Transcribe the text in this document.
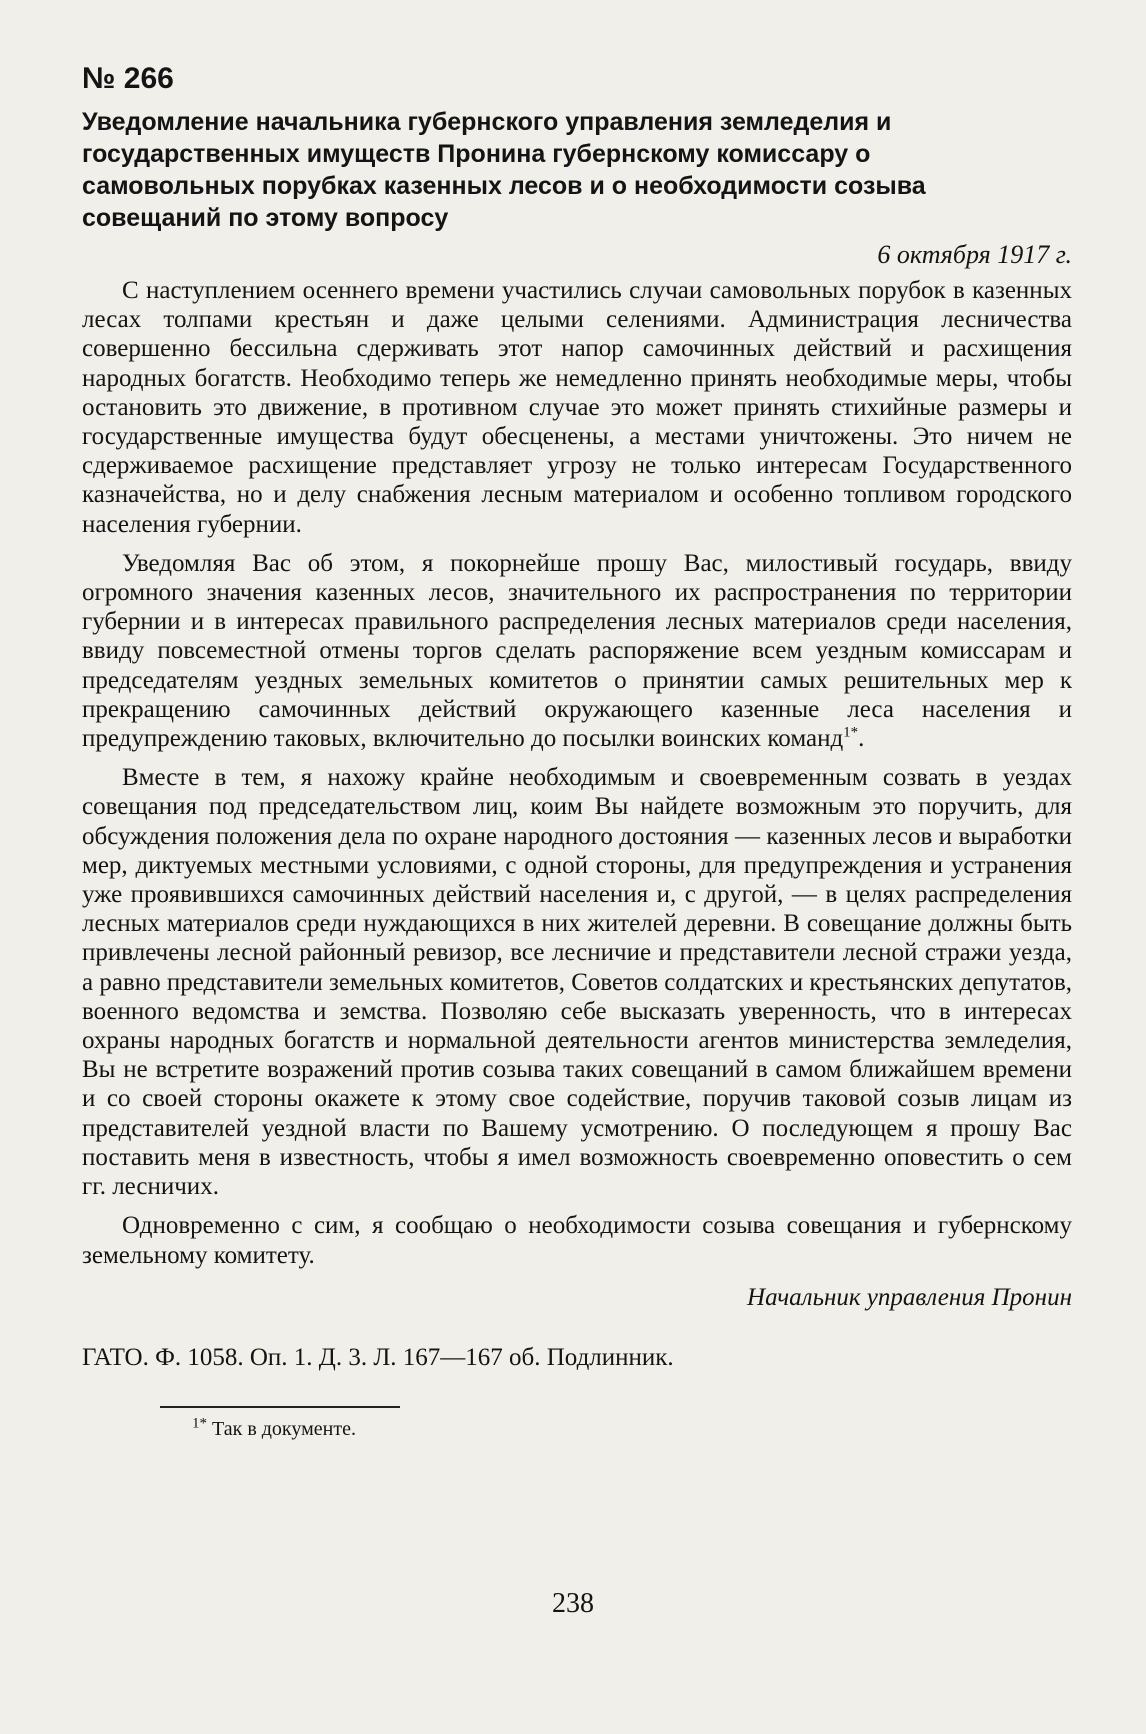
№ 266
Уведомление начальника губернского управления земледелия и государственных имуществ Пронина губернскому комиссару о самовольных порубках казенных лесов и о необходимости созыва совещаний по этому вопросу
6 октября 1917 г.

С наступлением осеннего времени участились случаи самовольных порубок в казенных лесах толпами крестьян и даже целыми селениями. Администрация лесничества совершенно бессильна сдерживать этот напор самочинных действий и расхищения народных богатств. Необходимо теперь же немедленно принять необходимые меры, чтобы остановить это движение, в противном случае это может принять стихийные размеры и государственные имущества будут обесценены, а местами уничтожены. Это ничем не сдерживаемое расхищение представляет угрозу не только интересам Государственного казначейства, но и делу снабжения лесным материалом и особенно топливом городского населения губернии.

Уведомляя Вас об этом, я покорнейше прошу Вас, милостивый государь, ввиду огромного значения казенных лесов, значительного их распространения по территории губернии и в интересах правильного распределения лесных материалов среди населения, ввиду повсеместной отмены торгов сделать распоряжение всем уездным комиссарам и председателям уездных земельных комитетов о принятии самых решительных мер к прекращению самочинных действий окружающего казенные леса населения и предупреждению таковых, включительно до посылки воинских команд$^{1*}$.

Вместе в тем, я нахожу крайне необходимым и своевременным созвать в уездах совещания под председательством лиц, коим Вы найдете возможным это поручить, для обсуждения положения дела по охране народного достояния — казенных лесов и выработки мер, диктуемых местными условиями, с одной стороны, для предупреждения и устранения уже проявившихся самочинных действий населения и, с другой, — в целях распределения лесных материалов среди нуждающихся в них жителей деревни. В совещание должны быть привлечены лесной районный ревизор, все лесничие и представители лесной стражи уезда, а равно представители земельных комитетов, Советов солдатских и крестьянских депутатов, военного ведомства и земства. Позволяю себе высказать уверенность, что в интересах охраны народных богатств и нормальной деятельности агентов министерства земледелия, Вы не встретите возражений против созыва таких совещаний в самом ближайшем времени и со своей стороны окажете к этому свое содействие, поручив таковой созыв лицам из представителей уездной власти по Вашему усмотрению. О последующем я прошу Вас поставить меня в известность, чтобы я имел возможность своевременно оповестить о сем гг. лесничих.

Одновременно с сим, я сообщаю о необходимости созыва совещания и губернскому земельному комитету.

Начальник управления Пронин
ГАТО. Ф. 1058. Оп. 1. Д. 3. Л. 167—167 об. Подлинник.
$^{1*}$ Так в документе.
238
